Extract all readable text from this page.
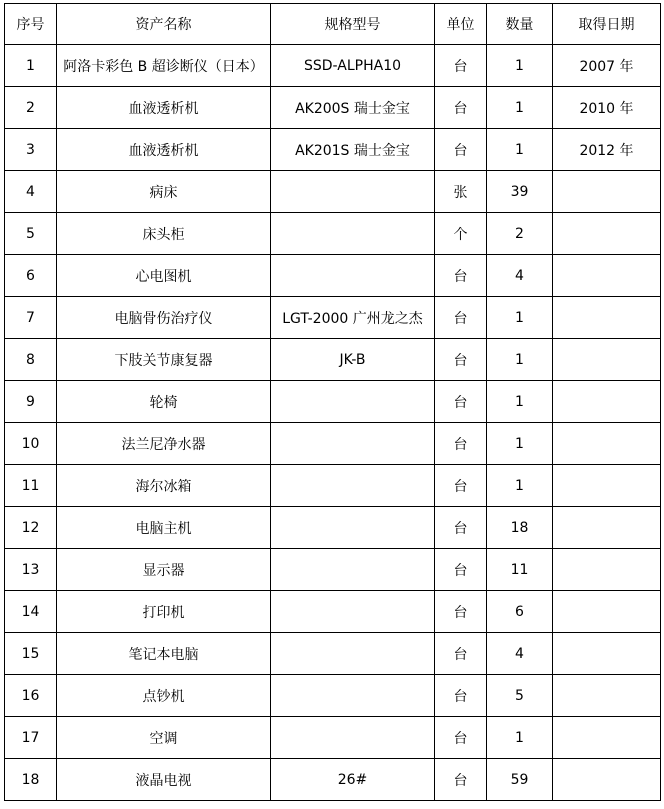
序号	资产名称	规格型号	单位	数量	取得日期
1	阿洛卡彩色 B 超诊断仪（日本）	SSD-ALPHA10	台	1	2007 年
2	血液透析机	AK200S 瑞士金宝	台	1	2010 年
3	血液透析机	AK201S 瑞士金宝	台	1	2012 年
4	病床		张	39	
5	床头柜		个	2	
6	心电图机		台	4	
7	电脑骨伤治疗仪	LGT-2000 广州龙之杰	台	1	
8	下肢关节康复器	JK-B	台	1	
9	轮椅		台	1	
10	法兰尼净水器		台	1	
11	海尔冰箱		台	1	
12	电脑主机		台	18	
13	显示器		台	11	
14	打印机		台	6	
15	笔记本电脑		台	4	
16	点钞机		台	5	
17	空调		台	1	
18	液晶电视	26#	台	59	
